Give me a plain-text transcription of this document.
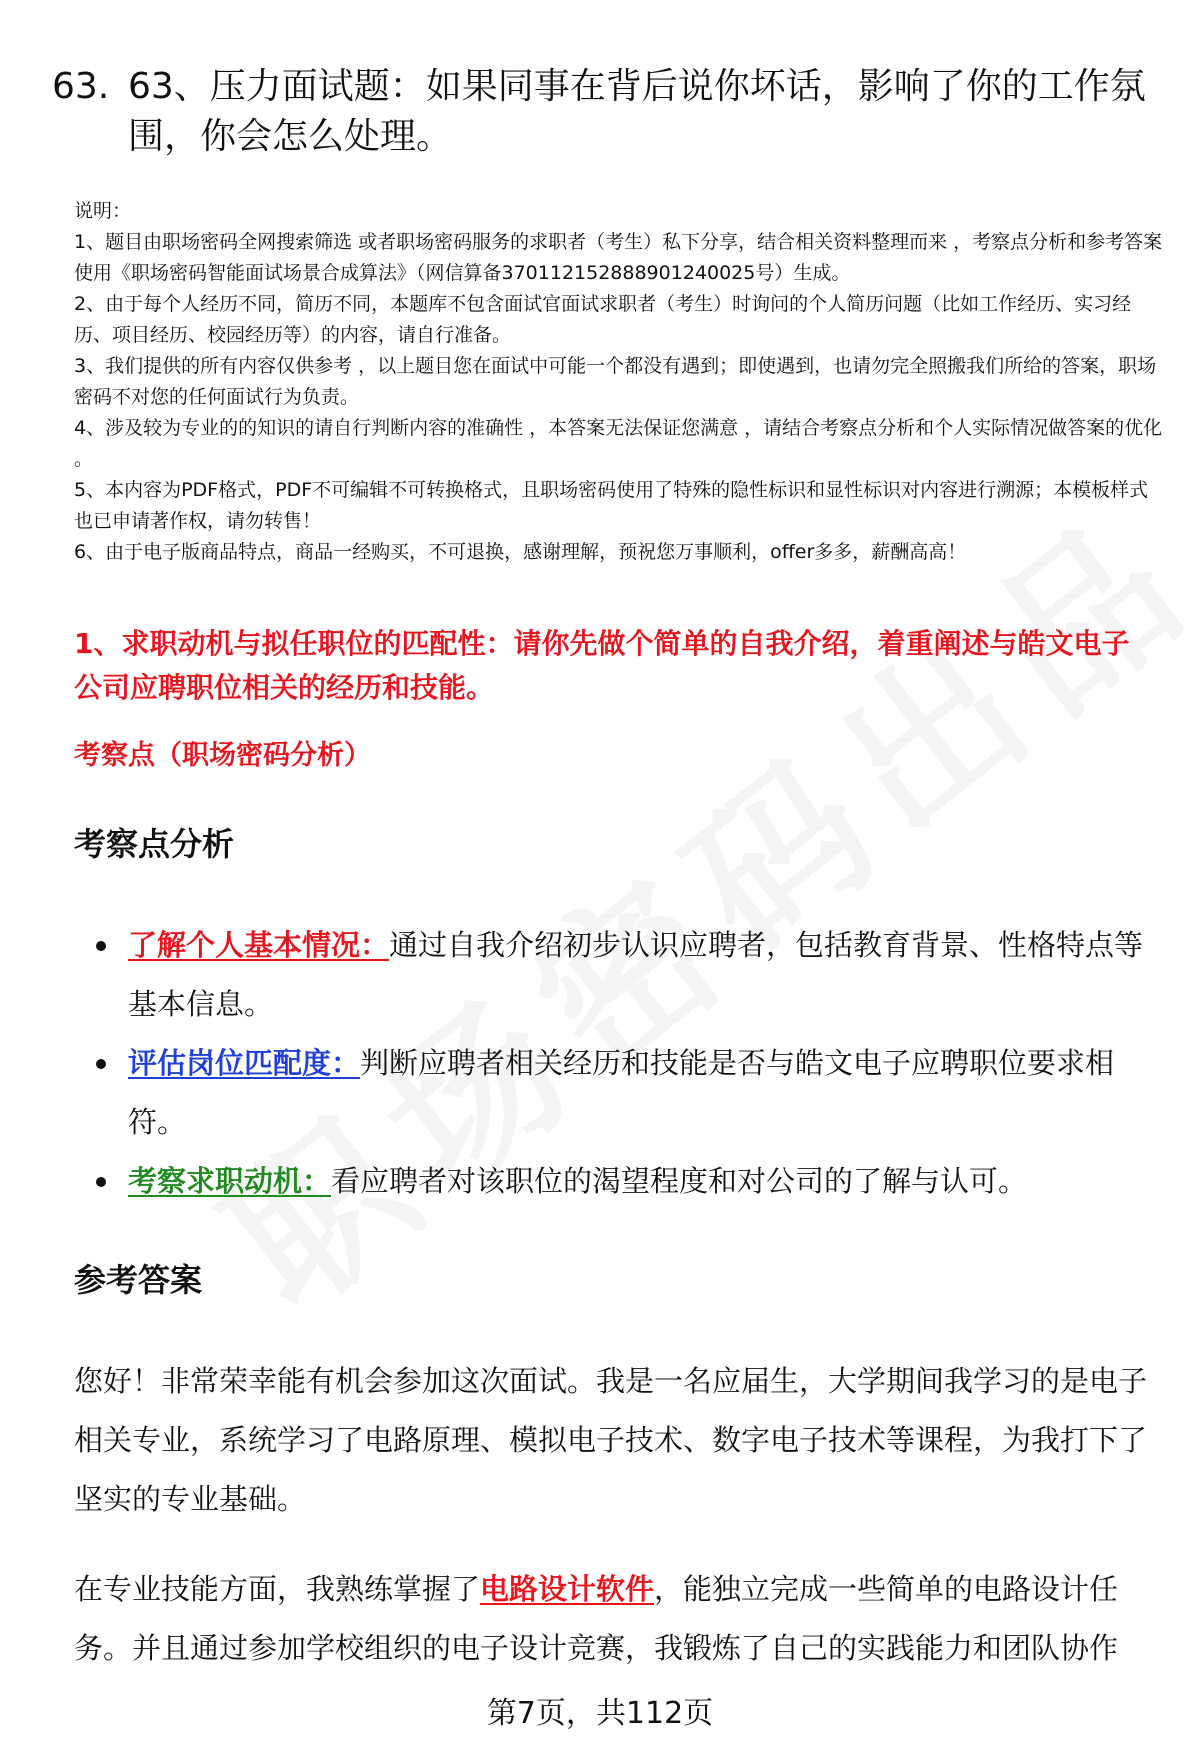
63. 63、压力面试题：如果同事在背后说你坏话，影响了你的工作氛围，你会怎么处理。

说明：

1、题目由职场密码全网搜索筛选 或者职场密码服务的求职者（考生）私下分享，结合相关资料整理而来 ，考察点分析和参考答案使用《职场密码智能面试场景合成算法》（网信算备370112152888901240025号）生成。

2、由于每个人经历不同，简历不同，本题库不包含面试官面试求职者（考生）时询问的个人简历问题（比如工作经历、实习经历、项目经历、校园经历等）的内容，请自行准备。

3、我们提供的所有内容仅供参考 ，以上题目您在面试中可能一个都没有遇到；即使遇到，也请勿完全照搬我们所给的答案，职场密码不对您的任何面试行为负责。

4、涉及较为专业的的知识的请自行判断内容的准确性 ，本答案无法保证您满意 ，请结合考察点分析和个人实际情况做答案的优化 。

5、本内容为PDF格式，PDF不可编辑不可转换格式，且职场密码使用了特殊的隐性标识和显性标识对内容进行溯源；本模板样式也已申请著作权，请勿转售！

6、由于电子版商品特点，商品一经购买，不可退换，感谢理解，预祝您万事顺利，offer多多，薪酬高高！

1、求职动机与拟任职位的匹配性：请你先做个简单的自我介绍，着重阐述与皓文电子公司应聘职位相关的经历和技能。
考察点（职场密码分析）
考察点分析
了解个人基本情况：通过自我介绍初步认识应聘者，包括教育背景、性格特点等基本信息。
评估岗位匹配度：判断应聘者相关经历和技能是否与皓文电子应聘职位要求相符。
考察求职动机：看应聘者对该职位的渴望程度和对公司的了解与认可。
参考答案

您好！非常荣幸能有机会参加这次面试。我是一名应届生，大学期间我学习的是电子相关专业，系统学习了电路原理、模拟电子技术、数字电子技术等课程，为我打下了坚实的专业基础。

在专业技能方面，我熟练掌握了电路设计软件，能独立完成一些简单的电路设计任务。并且通过参加学校组织的电子设计竞赛，我锻炼了自己的实践能力和团队协作

第7页，共112页
